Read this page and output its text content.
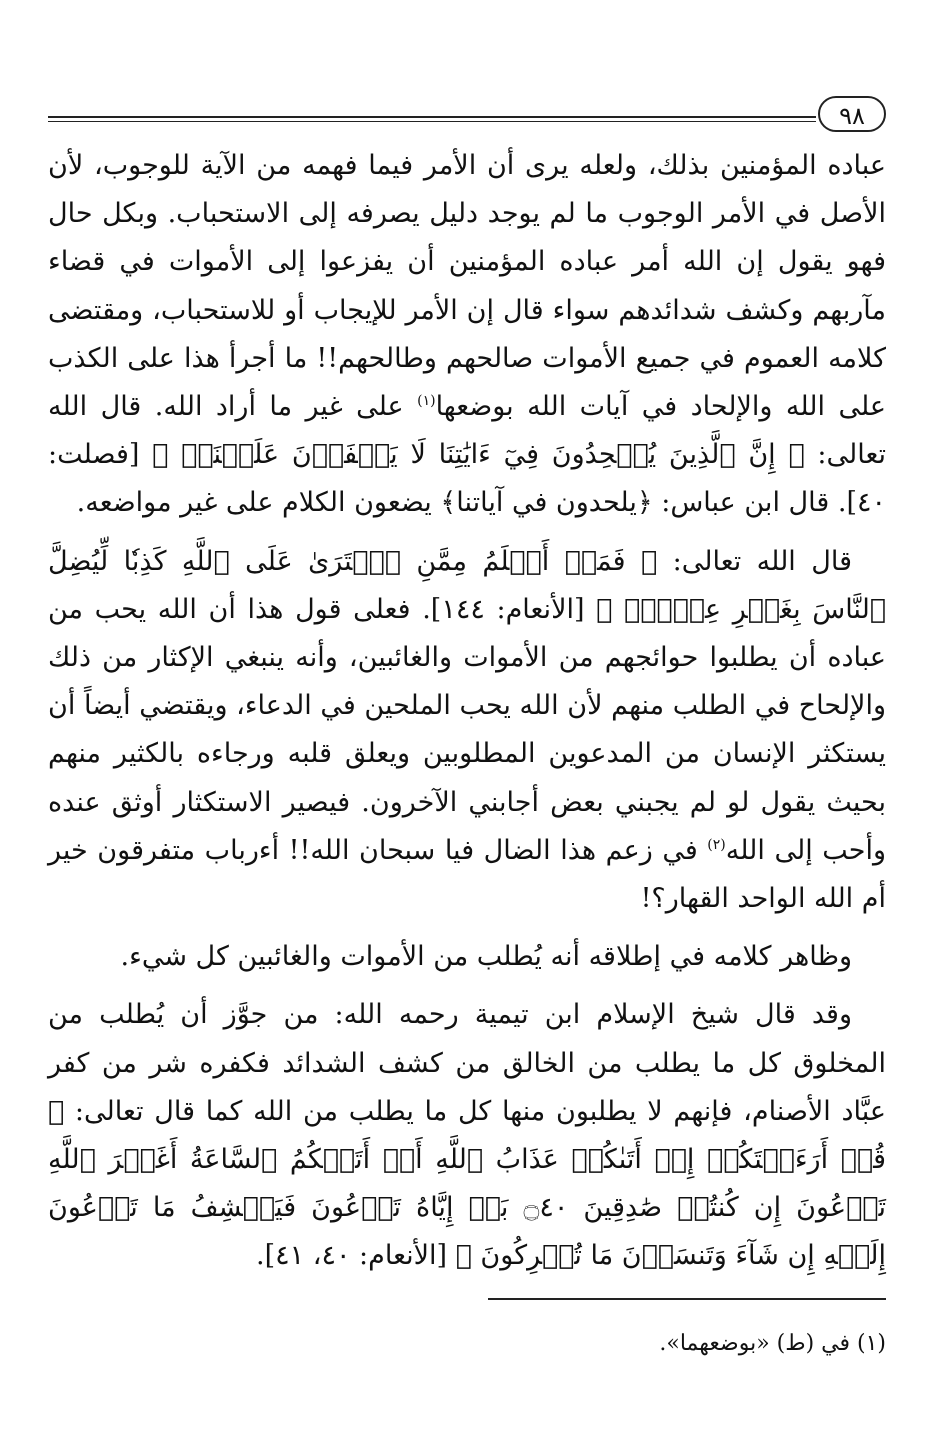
٩٨

عباده المؤمنين بذلك، ولعله يرى أن الأمر فيما فهمه من الآية للوجوب، لأن الأصل في الأمر الوجوب ما لم يوجد دليل يصرفه إلى الاستحباب. وبكل حال فهو يقول إن الله أمر عباده المؤمنين أن يفزعوا إلى الأموات في قضاء مآربهم وكشف شدائدهم سواء قال إن الأمر للإيجاب أو للاستحباب، ومقتضى كلامه العموم في جميع الأموات صالحهم وطالحهم!! ما أجرأ هذا على الكذب على الله والإلحاد في آيات الله بوضعها$^{(١)}$ على غير ما أراد الله. قال الله تعالى: ﴿ إِنَّ ٱلَّذِينَ يُلۡحِدُونَ فِيٓ ءَايَٰتِنَا لَا يَخۡفَوۡنَ عَلَيۡنَآۗ ﴾ [فصلت: ٤٠]. قال ابن عباس: ﴿يلحدون في آياتنا﴾ يضعون الكلام على غير مواضعه.

قال الله تعالى: ﴿ فَمَنۡ أَظۡلَمُ مِمَّنِ ٱفۡتَرَىٰ عَلَى ٱللَّهِ كَذِبٗا لِّيُضِلَّ ٱلنَّاسَ بِغَيۡرِ عِلۡمٍۚ ﴾ [الأنعام: ١٤٤]. فعلى قول هذا أن الله يحب من عباده أن يطلبوا حوائجهم من الأموات والغائبين، وأنه ينبغي الإكثار من ذلك والإلحاح في الطلب منهم لأن الله يحب الملحين في الدعاء، ويقتضي أيضاً أن يستكثر الإنسان من المدعوين المطلوبين ويعلق قلبه ورجاءه بالكثير منهم بحيث يقول لو لم يجبني بعض أجابني الآخرون. فيصير الاستكثار أوثق عنده وأحب إلى الله$^{(٢)}$ في زعم هذا الضال فيا سبحان الله!! أءرباب متفرقون خير أم الله الواحد القهار؟!

وظاهر كلامه في إطلاقه أنه يُطلب من الأموات والغائبين كل شيء.

وقد قال شيخ الإسلام ابن تيمية رحمه الله: من جوَّز أن يُطلب من المخلوق كل ما يطلب من الخالق من كشف الشدائد فكفره شر من كفر عبَّاد الأصنام، فإنهم لا يطلبون منها كل ما يطلب من الله كما قال تعالى: ﴿ قُلۡ أَرَءَيۡتَكُمۡ إِنۡ أَتَىٰكُمۡ عَذَابُ ٱللَّهِ أَوۡ أَتَتۡكُمُ ٱلسَّاعَةُ أَغَيۡرَ ٱللَّهِ تَدۡعُونَ إِن كُنتُمۡ صَٰدِقِينَ ۝٤٠ بَلۡ إِيَّاهُ تَدۡعُونَ فَيَكۡشِفُ مَا تَدۡعُونَ إِلَيۡهِ إِن شَآءَ وَتَنسَوۡنَ مَا تُشۡرِكُونَ ﴾ [الأنعام: ٤٠، ٤١].

(١) في (ط) «بوضعهما».
